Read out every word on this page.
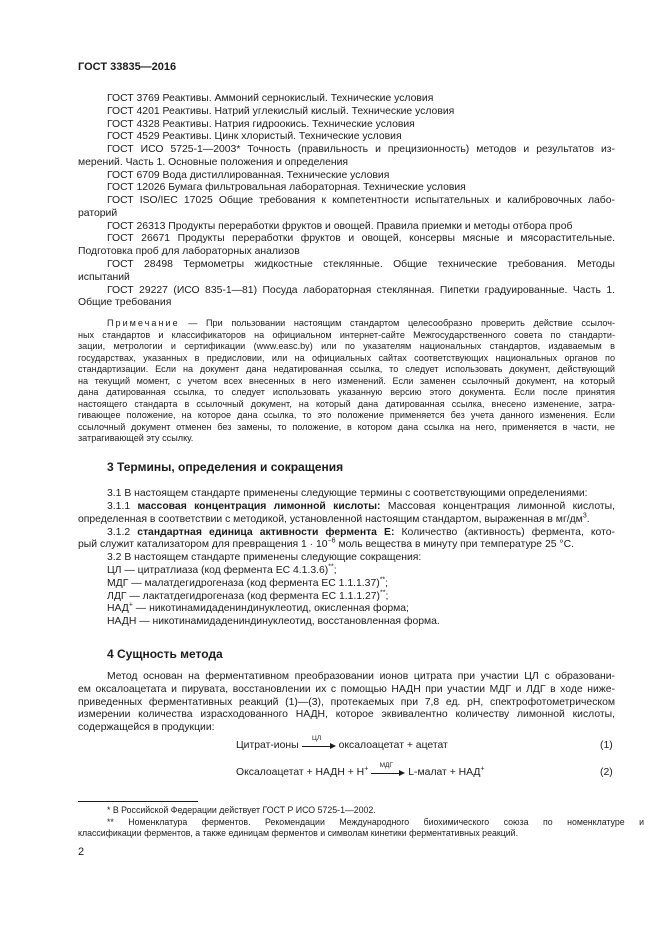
ГОСТ 33835—2016
ГОСТ 3769 Реактивы. Аммоний сернокислый. Технические условия
ГОСТ 4201 Реактивы. Натрий углекислый кислый. Технические условия
ГОСТ 4328 Реактивы. Натрия гидроокись. Технические условия
ГОСТ 4529 Реактивы. Цинк хлористый. Технические условия
ГОСТ ИСО 5725-1—2003* Точность (правильность и прецизионность) методов и результатов из-
мерений. Часть 1. Основные положения и определения
ГОСТ 6709 Вода дистиллированная. Технические условия
ГОСТ 12026 Бумага фильтровальная лабораторная. Технические условия
ГОСТ ISO/IEC 17025 Общие требования к компетентности испытательных и калибровочных лабо-
раторий
ГОСТ 26313 Продукты переработки фруктов и овощей. Правила приемки и методы отбора проб
ГОСТ 26671 Продукты переработки фруктов и овощей, консервы мясные и мясорастительные.
Подготовка проб для лабораторных анализов
ГОСТ 28498 Термометры жидкостные стеклянные. Общие технические требования. Методы
испытаний
ГОСТ 29227 (ИСО 835-1—81) Посуда лабораторная стеклянная. Пипетки градуированные. Часть 1.
Общие требования
Примечание — При пользовании настоящим стандартом целесообразно проверить действие ссылоч-
ных стандартов и классификаторов на официальном интернет-сайте Межгосударственного совета по стандарти-
зации, метрологии и сертификации (www.easc.by) или по указателям национальных стандартов, издаваемым в
государствах, указанных в предисловии, или на официальных сайтах соответствующих национальных органов по
стандартизации. Если на документ дана недатированная ссылка, то следует использовать документ, действующий
на текущий момент, с учетом всех внесенных в него изменений. Если заменен ссылочный документ, на который
дана датированная ссылка, то следует использовать указанную версию этого документа. Если после принятия
настоящего стандарта в ссылочный документ, на который дана датированная ссылка, внесено изменение, затра-
гивающее положение, на которое дана ссылка, то это положение применяется без учета данного изменения. Если
ссылочный документ отменен без замены, то положение, в котором дана ссылка на него, применяется в части, не
затрагивающей эту ссылку.
3 Термины, определения и сокращения
3.1 В настоящем стандарте применены следующие термины с соответствующими определениями:
3.1.1 массовая концентрация лимонной кислоты: Массовая концентрация лимонной кислоты,
определенная в соответствии с методикой, установленной настоящим стандартом, выраженная в $мг/дм^3$.
3.1.2 стандартная единица активности фермента Е: Количество (активность) фермента, кото-
рый служит катализатором для превращения $1 \cdot 10^{-6}$ моль вещества в минуту при температуре 25 °С.
3.2 В настоящем стандарте применены следующие сокращения:
ЦЛ — цитратлиаза (код фермента ЕС 4.1.3.6)**;
МДГ — малатдегидрогеназа (код фермента ЕС 1.1.1.37)**;
ЛДГ — лактатдегидрогеназа (код фермента ЕС 1.1.1.27)**;
НАД+ — никотинамидадениндинуклеотид, окисленная форма;
НАДН — никотинамидадениндинуклеотид, восстановленная форма.
4 Сущность метода
Метод основан на ферментативном преобразовании ионов цитрата при участии ЦЛ с образовани-
ем оксалоацетата и пирувата, восстановлении их с помощью НАДН при участии МДГ и ЛДГ в ходе ниже-
приведенных ферментативных реакций (1)—(3), протекаемых при 7,8 ед. рН, спектрофотометрическом
измерении количества израсходованного НАДН, которое эквивалентно количеству лимонной кислоты,
содержащейся в продукции:
Цитрат-ионы
ЦЛ
оксалоацетат + ацетат	(1)
Оксалоацетат + НАДН + Н+	МДГ
L-малат + НАД+	(2)
* В Российской Федерации действует ГОСТ Р ИСО 5725-1—2002.
** Номенклатура ферментов. Рекомендации Международного биохимического союза по номенклатуре и
классификации ферментов, а также единицам ферментов и символам кинетики ферментативных реакций.
2
